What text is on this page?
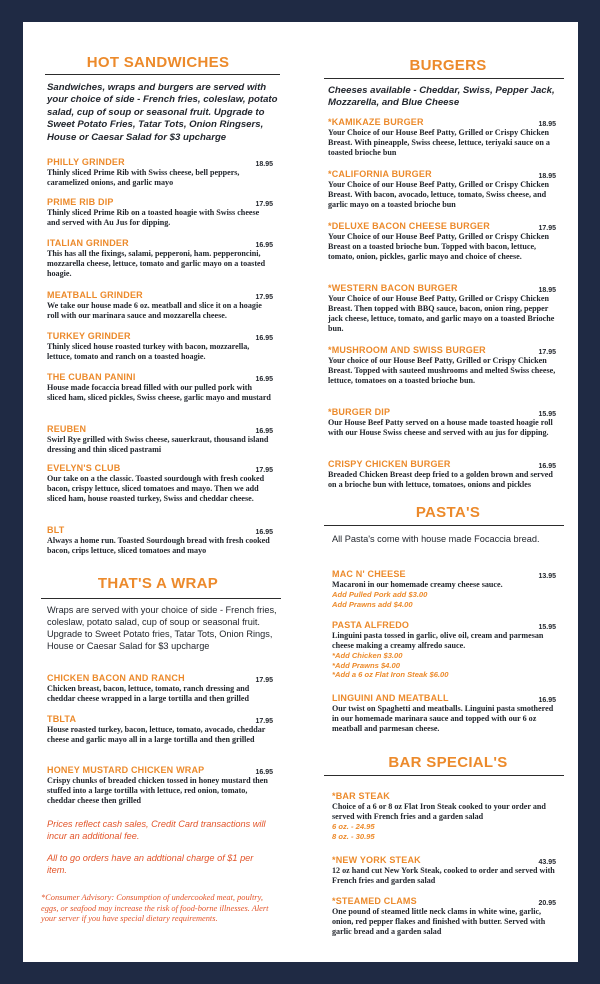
HOT SANDWICHES
Sandwiches, wraps and burgers are served with your choice of side - French fries, coleslaw, potato salad, cup of soup or seasonal fruit. Upgrade to Sweet Potato Fries, Tatar Tots, Onion Ringsers, House or Caesar Salad for $3 upcharge
PHILLY GRINDER	18.95
Thinly sliced Prime Rib with Swiss cheese, bell peppers, caramelized onions, and garlic mayo
PRIME RIB DIP	17.95
Thinly sliced Prime Rib on a toasted hoagie with Swiss cheese and served with Au Jus for dipping.
ITALIAN GRINDER	16.95
This has all the fixings, salami, pepperoni, ham. pepperoncini, mozzarella cheese, lettuce, tomato and garlic mayo on a toasted hoagie.
MEATBALL GRINDER	17.95
We take our house made 6 oz. meatball and slice it on a hoagie roll with our marinara sauce and mozzarella cheese.
TURKEY GRINDER	16.95
Thinly sliced house roasted turkey with bacon, mozzarella, lettuce, tomato and ranch on a toasted hoagie.
THE CUBAN PANINI	16.95
House made focaccia bread filled with our pulled pork with sliced ham, sliced pickles, Swiss cheese, garlic mayo and mustard
REUBEN	16.95
Swirl Rye grilled with Swiss cheese, sauerkraut, thousand island dressing and thin sliced pastrami
EVELYN'S CLUB	17.95
Our take on a the classic. Toasted sourdough with fresh cooked bacon, crispy lettuce, sliced tomatoes and mayo. Then we add sliced ham, house roasted turkey, Swiss and cheddar cheese.
BLT	16.95
Always a home run. Toasted Sourdough bread with fresh cooked bacon, crips lettuce, sliced tomatoes and mayo
THAT'S A WRAP
Wraps are served with your choice of side - French fries, coleslaw, potato salad, cup of soup or seasonal fruit. Upgrade to Sweet Potato fries, Tatar Tots, Onion Rings, House or Caesar Salad for $3 upcharge
CHICKEN BACON AND RANCH	17.95
Chicken breast, bacon, lettuce, tomato, ranch dressing and cheddar cheese wrapped in a large tortilla and then grilled
TBLTA	17.95
House roasted turkey, bacon, lettuce, tomato, avocado, cheddar cheese and garlic mayo all in a large tortilla and then grilled
HONEY MUSTARD CHICKEN WRAP	16.95
Crispy chunks of breaded chicken tossed in honey mustard then stuffed into a large tortilla with lettuce, red onion, tomato, cheddar cheese then grilled
Prices reflect cash sales, Credit Card transactions will incur an additional fee.
All to go orders have an addtional charge of $1 per item.
*Consumer Advisory: Consumption of undercooked meat, poultry, eggs, or seafood may increase the risk of food-borne illnesses. Alert your server if you have special dietary requirements.
BURGERS
Cheeses available - Cheddar, Swiss, Pepper Jack, Mozzarella, and Blue Cheese
*KAMIKAZE BURGER	18.95
Your Choice of our House Beef Patty, Grilled or Crispy Chicken Breast. With pineapple, Swiss cheese, lettuce, teriyaki sauce on a toasted brioche bun
*CALIFORNIA BURGER	18.95
Your Choice of our House Beef Patty, Grilled or Crispy Chicken Breast. With bacon, avocado, lettuce, tomato, Swiss cheese, and garlic mayo on a toasted brioche bun
*DELUXE BACON CHEESE BURGER	17.95
Your Choice of our House Beef Patty, Grilled or Crispy Chicken Breast on a toasted brioche bun. Topped with bacon, lettuce, tomato, onion, pickles, garlic mayo and choice of cheese.
*WESTERN BACON BURGER	18.95
Your Choice of our House Beef Patty, Grilled or Crispy Chicken Breast. Then topped with BBQ sauce, bacon, onion ring, pepper jack cheese, lettuce, tomato, and garlic mayo on a toasted Brioche bun.
*MUSHROOM AND SWISS BURGER	17.95
Your choice of our House Beef Patty, Grilled or Crispy Chicken Breast. Topped with sauteed mushrooms and melted Swiss cheese, lettuce, tomatoes on a toasted brioche bun.
*BURGER DIP	15.95
Our House Beef Patty served on a house made toasted hoagie roll with our House Swiss cheese and served with au jus for dipping.
CRISPY CHICKEN BURGER	16.95
Breaded Chicken Breast deep fried to a golden brown and served on a brioche bun with lettuce, tomatoes, onions and pickles
PASTA'S
All Pasta's come with house made Focaccia bread.
MAC N' CHEESE	13.95
Macaroni in our homemade creamy cheese sauce.
Add Pulled Pork add $3.00
Add Prawns add $4.00
PASTA ALFREDO	15.95
Linguini pasta tossed in garlic, olive oil, cream and parmesan cheese making a creamy alfredo sauce.
*Add Chicken $3.00
*Add Prawns $4.00
*Add a 6 oz Flat Iron Steak $6.00
LINGUINI AND MEATBALL	16.95
Our twist on Spaghetti and meatballs. Linguini pasta smothered in our homemade marinara sauce and topped with our 6 oz meatball and parmesan cheese.
BAR SPECIAL'S
*BAR STEAK
Choice of a 6 or 8 oz Flat Iron Steak cooked to your order and served with French fries and a garden salad
6 oz. - 24.95
8 oz. - 30.95
*NEW YORK STEAK	43.95
12 oz hand cut New York Steak, cooked to order and served with French fries and garden salad
*STEAMED CLAMS	20.95
One pound of steamed little neck clams in white wine, garlic, onion, red pepper flakes and finished with butter. Served with garlic bread and a garden salad
